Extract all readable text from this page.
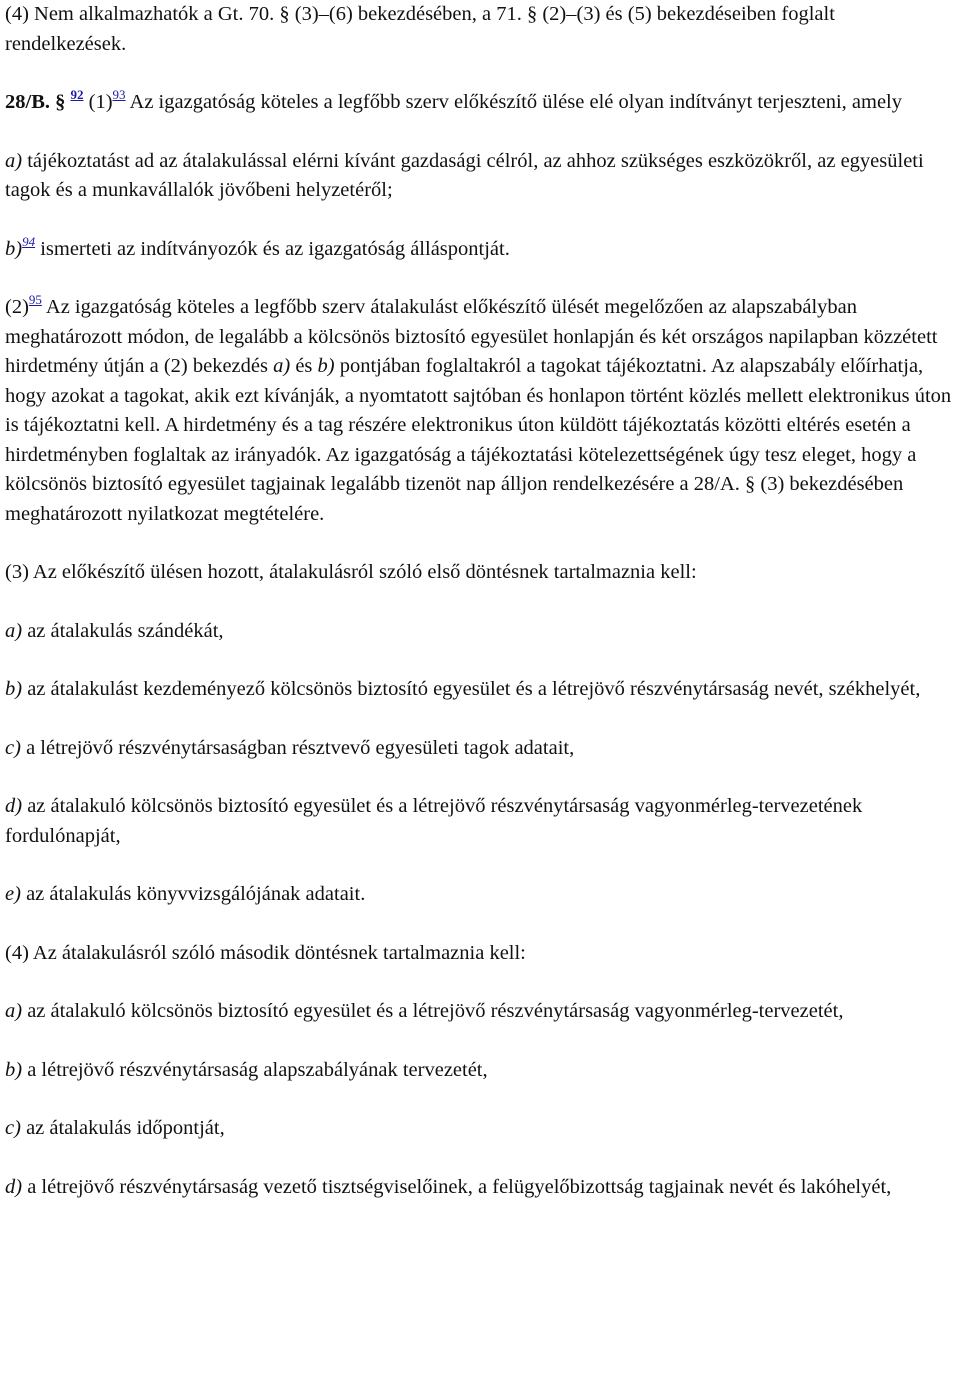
(4) Nem alkalmazhatók a Gt. 70. § (3)–(6) bekezdésében, a 71. § (2)–(3) és (5) bekezdéseiben foglalt rendelkezések.

28/B. § $^{92}$ (1)$^{93}$ Az igazgatóság köteles a legfőbb szerv előkészítő ülése elé olyan indítványt terjeszteni, amely

a) tájékoztatást ad az átalakulással elérni kívánt gazdasági célról, az ahhoz szükséges eszközökről, az egyesületi tagok és a munkavállalók jövőbeni helyzetéről;

b)$^{94}$ ismerteti az indítványozók és az igazgatóság álláspontját.

(2)$^{95}$ Az igazgatóság köteles a legfőbb szerv átalakulást előkészítő ülését megelőzően az alapszabályban meghatározott módon, de legalább a kölcsönös biztosító egyesület honlapján és két országos napilapban közzétett hirdetmény útján a (2) bekezdés a) és b) pontjában foglaltakról a tagokat tájékoztatni. Az alapszabály előírhatja, hogy azokat a tagokat, akik ezt kívánják, a nyomtatott sajtóban és honlapon történt közlés mellett elektronikus úton is tájékoztatni kell. A hirdetmény és a tag részére elektronikus úton küldött tájékoztatás közötti eltérés esetén a hirdetményben foglaltak az irányadók. Az igazgatóság a tájékoztatási kötelezettségének úgy tesz eleget, hogy a kölcsönös biztosító egyesület tagjainak legalább tizenöt nap álljon rendelkezésére a 28/A. § (3) bekezdésében meghatározott nyilatkozat megtételére.

(3) Az előkészítő ülésen hozott, átalakulásról szóló első döntésnek tartalmaznia kell:

a) az átalakulás szándékát,

b) az átalakulást kezdeményező kölcsönös biztosító egyesület és a létrejövő részvénytársaság nevét, székhelyét,

c) a létrejövő részvénytársaságban résztvevő egyesületi tagok adatait,

d) az átalakuló kölcsönös biztosító egyesület és a létrejövő részvénytársaság vagyonmérleg-tervezetének fordulónapját,

e) az átalakulás könyvvizsgálójának adatait.

(4) Az átalakulásról szóló második döntésnek tartalmaznia kell:

a) az átalakuló kölcsönös biztosító egyesület és a létrejövő részvénytársaság vagyonmérleg-tervezetét,

b) a létrejövő részvénytársaság alapszabályának tervezetét,

c) az átalakulás időpontját,

d) a létrejövő részvénytársaság vezető tisztségviselőinek, a felügyelőbizottság tagjainak nevét és lakóhelyét,
